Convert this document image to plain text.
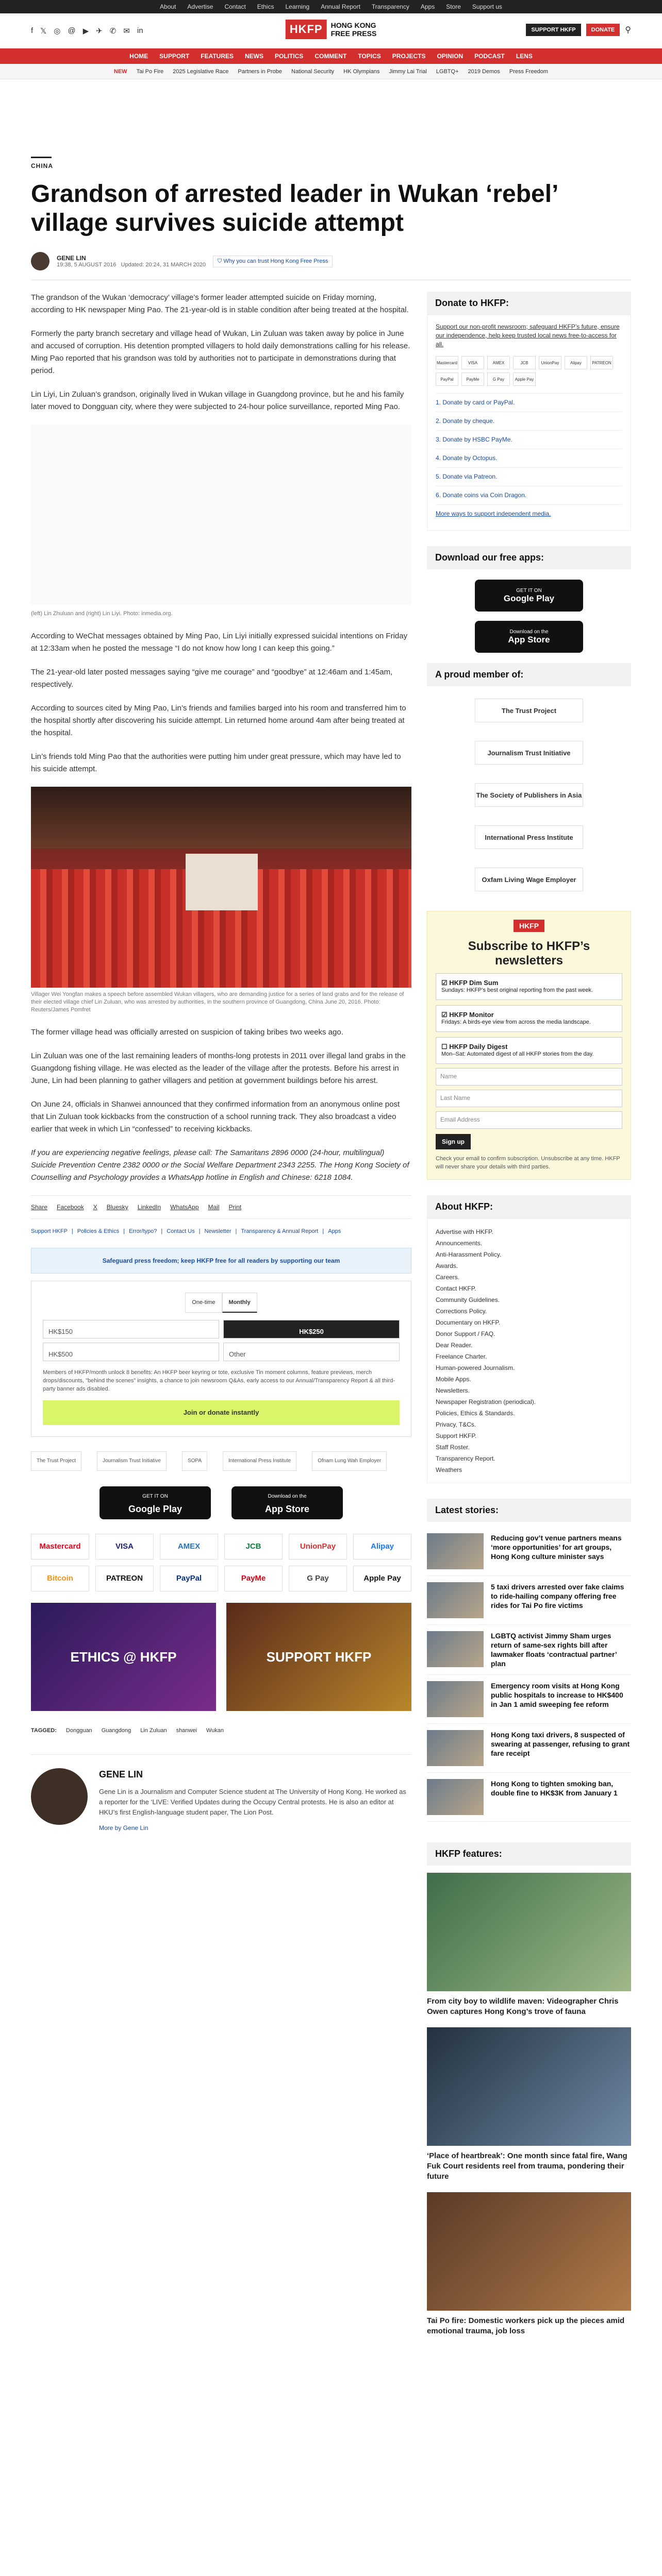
About Advertise Contact Ethics Learning Annual Report Transparency Apps Store Support us
f 𝕏 ◎ @ ▶ ✈ ✆ ✉ in	HKFP	HONG KONG
FREE PRESS	SUPPORT HKFP	DONATE	⚲
HOME SUPPORT FEATURES NEWS POLITICS COMMENT TOPICS PROJECTS OPINION PODCAST LENS
NEW Tai Po Fire 2025 Legislative Race Partners in Probe National Security HK Olympians Jimmy Lai Trial LGBTQ+ 2019 Demos Press Freedom
CHINA
Grandson of arrested leader in Wukan ‘rebel’ village survives suicide attempt
GENE LIN
19:38, 5 AUGUST 2016 Updated: 20:24, 31 MARCH 2020
⛉ Why you can trust Hong Kong Free Press

The grandson of the Wukan ‘democracy’ village’s former leader attempted suicide on Friday morning, according to HK newspaper Ming Pao. The 21-year-old is in stable condition after being treated at the hospital.

Formerly the party branch secretary and village head of Wukan, Lin Zuluan was taken away by police in June and accused of corruption. His detention prompted villagers to hold daily demonstrations calling for his release. Ming Pao reported that his grandson was told by authorities not to participate in demonstrations during that period.

Lin Liyi, Lin Zuluan’s grandson, originally lived in Wukan village in Guangdong province, but he and his family later moved to Dongguan city, where they were subjected to 24-hour police surveillance, reported Ming Pao.

(left) Lin Zhuluan and (right) Lin Liyi. Photo: inmedia.org.

According to WeChat messages obtained by Ming Pao, Lin Liyi initially expressed suicidal intentions on Friday at 12:33am when he posted the message “I do not know how long I can keep this going.”

The 21-year-old later posted messages saying “give me courage” and “goodbye” at 12:46am and 1:45am, respectively.

According to sources cited by Ming Pao, Lin’s friends and families barged into his room and transferred him to the hospital shortly after discovering his suicide attempt. Lin returned home around 4am after being treated at the hospital.

Lin’s friends told Ming Pao that the authorities were putting him under great pressure, which may have led to his suicide attempt.

Villager Wei Yongfan makes a speech before assembled Wukan villagers, who are demanding justice for a series of land grabs and for the release of their elected village chief Lin Zuluan, who was arrested by authorities, in the southern province of Guangdong, China June 20, 2016. Photo: Reuters/James Pomfret

The former village head was officially arrested on suspicion of taking bribes two weeks ago.

Lin Zuluan was one of the last remaining leaders of months-long protests in 2011 over illegal land grabs in the Guangdong fishing village. He was elected as the leader of the village after the protests. Before his arrest in June, Lin had been planning to gather villagers and petition at government buildings before his arrest.

On June 24, officials in Shanwei announced that they confirmed information from an anonymous online post that Lin Zuluan took kickbacks from the construction of a school running track. They also broadcast a video earlier that week in which Lin “confessed” to receiving kickbacks.

If you are experiencing negative feelings, please call: The Samaritans 2896 0000 (24-hour, multilingual) Suicide Prevention Centre 2382 0000 or the Social Welfare Department 2343 2255. The Hong Kong Society of Counselling and Psychology provides a WhatsApp hotline in English and Chinese: 6218 1084.

Share Facebook X Bluesky LinkedIn WhatsApp Mail Print
Support HKFP | Policies & Ethics | Error/typo? | Contact Us | Newsletter | Transparency & Annual Report | Apps
Safeguard press freedom; keep HKFP free for all readers by supporting our team
One-time	Monthly
HK$150	HK$250
HK$500	Other
Members of HKFP/month unlock 8 benefits: An HKFP beer keyring or tote, exclusive Tin moment columns, feature previews, merch drops/discounts, "behind the scenes" insights, a chance to join newsroom Q&As, early access to our Annual/Transparency Report & all third-party banner ads disabled.
Join or donate instantly
The Trust Project	Journalism Trust Initiative	SOPA	International Press Institute	Ofnam Lung Wah Employer
GET IT ON
Google Play
Download on the
App Store
Mastercard	VISA	AMEX	JCB	UnionPay	Alipay
Bitcoin	PATREON	PayPal	PayMe	G Pay	Apple Pay
ETHICS @ HKFP	SUPPORT HKFP
TAGGED: Dongguan Guangdong Lin Zuluan shanwei Wukan
GENE LIN
Gene Lin is a Journalism and Computer Science student at The University of Hong Kong. He worked as a reporter for the ‘LIVE: Verified Updates during the Occupy Central protests. He is also an editor at HKU’s first English-language student paper, The Lion Post.
More by Gene Lin
Donate to HKFP:
Support our non-profit newsroom; safeguard HKFP’s future, ensure our independence, help keep trusted local news free-to-access for all.
Mastercard	VISA	AMEX	JCB	UnionPay	Alipay	PATREON
PayPal	PayMe	G Pay	Apple Pay
1. Donate by card or PayPal.
2. Donate by cheque.
3. Donate by HSBC PayMe.
4. Donate by Octopus.
5. Donate via Patreon.
6. Donate coins via Coin Dragon.
More ways to support independent media.
Download our free apps:
GET IT ON
Google Play
Download on the
App Store
A proud member of:
The Trust Project
Journalism Trust Initiative
The Society of Publishers in Asia
International Press Institute
Oxfam Living Wage Employer
HKFP
Subscribe to HKFP’s newsletters
☑ HKFP Dim Sum
Sundays: HKFP’s best original reporting from the past week.
☑ HKFP Monitor
Fridays: A birds-eye view from across the media landscape.
☐ HKFP Daily Digest
Mon–Sat: Automated digest of all HKFP stories from the day.
Name
Last Name
Email Address
Sign up
Check your email to confirm subscription. Unsubscribe at any time. HKFP will never share your details with third parties.
About HKFP:
Advertise with HKFP.
Announcements.
Anti-Harassment Policy.
Awards.
Careers.
Contact HKFP.
Community Guidelines.
Corrections Policy.
Documentary on HKFP.
Donor Support / FAQ.
Dear Reader.
Freelance Charter.
Human-powered Journalism.
Mobile Apps.
Newsletters.
Newspaper Registration (periodical).
Policies, Ethics & Standards.
Privacy, T&Cs.
Support HKFP.
Staff Roster.
Transparency Report.
Weathers
Latest stories:
Reducing gov’t venue partners means ‘more opportunities’ for art groups, Hong Kong culture minister says
5 taxi drivers arrested over fake claims to ride-hailing company offering free rides for Tai Po fire victims
LGBTQ activist Jimmy Sham urges return of same-sex rights bill after lawmaker floats ‘contractual partner’ plan
Emergency room visits at Hong Kong public hospitals to increase to HK$400 in Jan 1 amid sweeping fee reform
Hong Kong taxi drivers, 8 suspected of swearing at passenger, refusing to grant fare receipt
Hong Kong to tighten smoking ban, double fine to HK$3K from January 1
HKFP features:
From city boy to wildlife maven: Videographer Chris Owen captures Hong Kong’s trove of fauna
‘Place of heartbreak’: One month since fatal fire, Wang Fuk Court residents reel from trauma, pondering their future
Tai Po fire: Domestic workers pick up the pieces amid emotional trauma, job loss
